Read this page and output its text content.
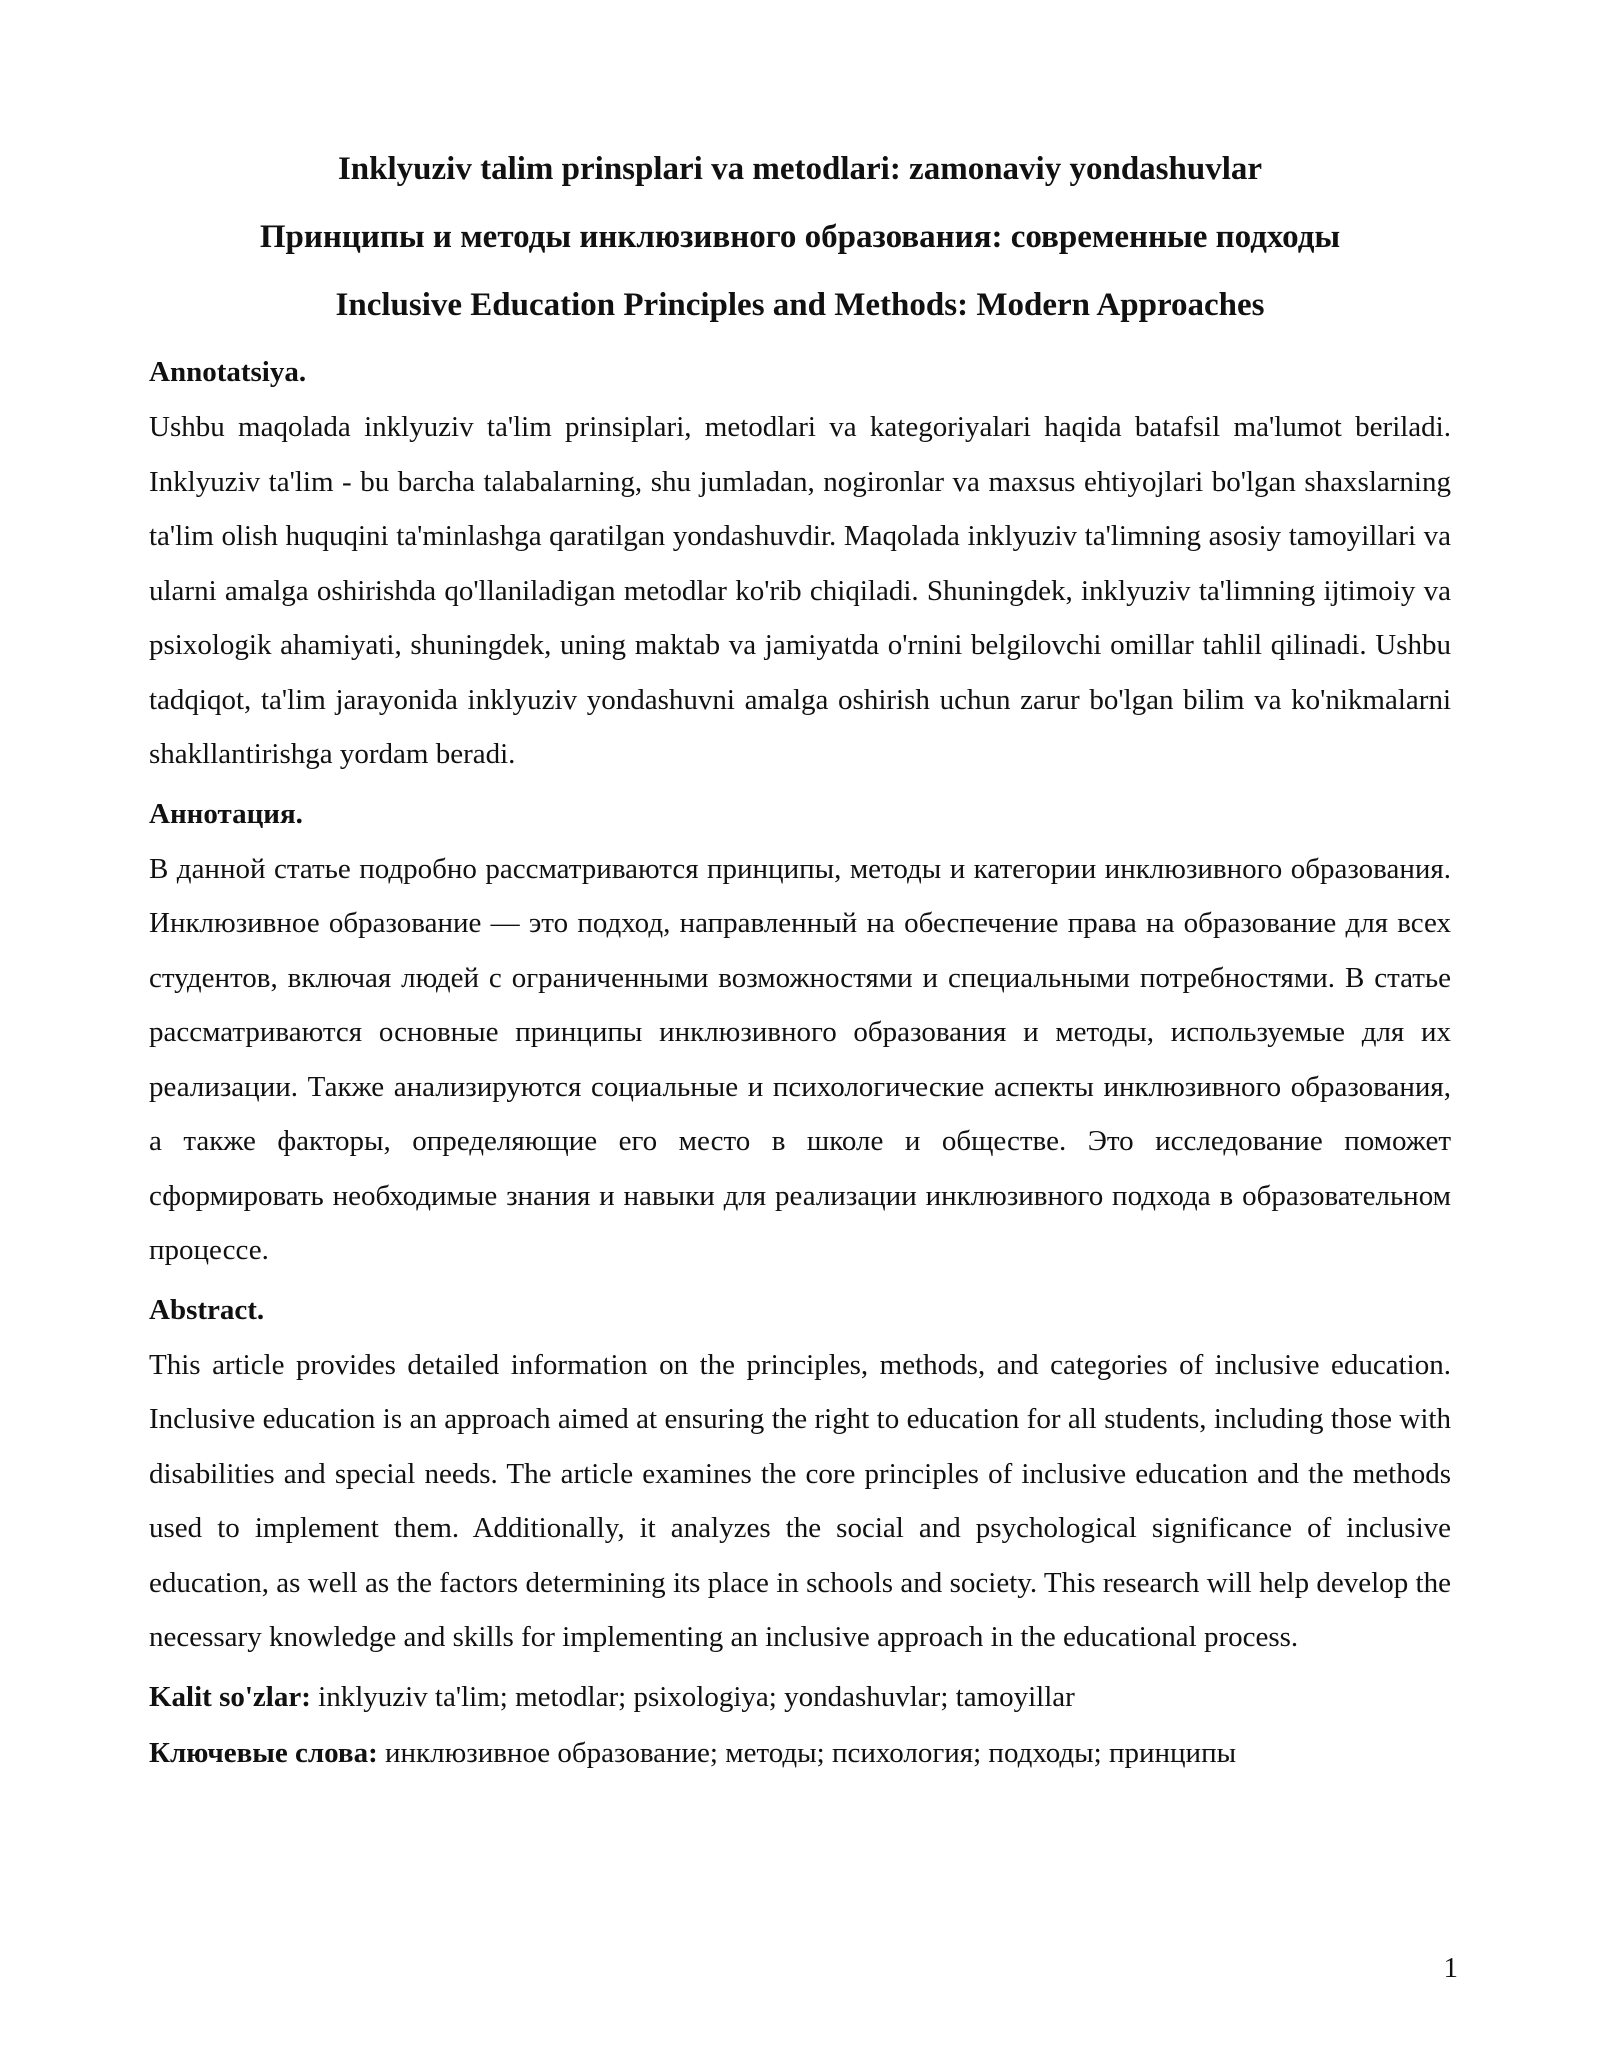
Inklyuziv talim prinsplari va metodlari: zamonaviy yondashuvlar
Принципы и методы инклюзивного образования: современные подходы
Inclusive Education Principles and Methods: Modern Approaches
Annotatsiya.

Ushbu maqolada inklyuziv ta'lim prinsiplari, metodlari va kategoriyalari haqida batafsil ma'lumot beriladi. Inklyuziv ta'lim - bu barcha talabalarning, shu jumladan, nogironlar va maxsus ehtiyojlari bo'lgan shaxslarning ta'lim olish huquqini ta'minlashga qaratilgan yondashuvdir. Maqolada inklyuziv ta'limning asosiy tamoyillari va ularni amalga oshirishda qo'llaniladigan metodlar ko'rib chiqiladi. Shuningdek, inklyuziv ta'limning ijtimoiy va psixologik ahamiyati, shuningdek, uning maktab va jamiyatda o'rnini belgilovchi omillar tahlil qilinadi. Ushbu tadqiqot, ta'lim jarayonida inklyuziv yondashuvni amalga oshirish uchun zarur bo'lgan bilim va ko'nikmalarni shakllantirishga yordam beradi.

Аннотация.

В данной статье подробно рассматриваются принципы, методы и категории инклюзивного образования. Инклюзивное образование — это подход, направленный на обеспечение права на образование для всех студентов, включая людей с ограниченными возможностями и специальными потребностями. В статье рассматриваются основные принципы инклюзивного образования и методы, используемые для их реализации. Также анализируются социальные и психологические аспекты инклюзивного образования, а также факторы, определяющие его место в школе и обществе. Это исследование поможет сформировать необходимые знания и навыки для реализации инклюзивного подхода в образовательном процессе.

Abstract.

This article provides detailed information on the principles, methods, and categories of inclusive education. Inclusive education is an approach aimed at ensuring the right to education for all students, including those with disabilities and special needs. The article examines the core principles of inclusive education and the methods used to implement them. Additionally, it analyzes the social and psychological significance of inclusive education, as well as the factors determining its place in schools and society. This research will help develop the necessary knowledge and skills for implementing an inclusive approach in the educational process.

Kalit so'zlar: inklyuziv ta'lim; metodlar; psixologiya; yondashuvlar; tamoyillar

Ключевые слова: инклюзивное образование; методы; психология; подходы; принципы

1
